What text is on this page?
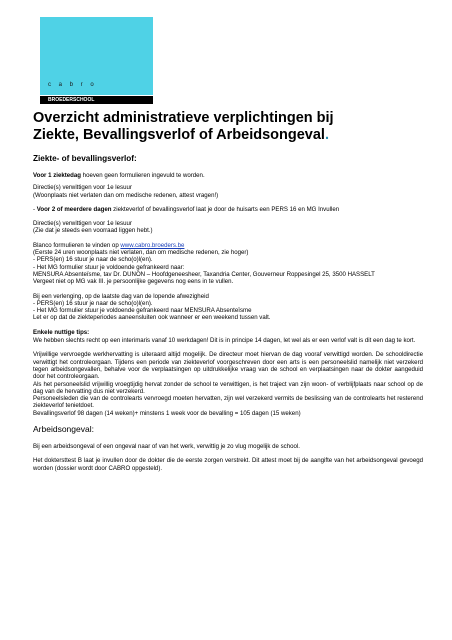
c a b r o
BROEDERSCHOOL
Overzicht administratieve verplichtingen bij
Ziekte, Bevallingsverlof of Arbeidsongeval.
Ziekte- of bevallingsverlof:

Voor 1 ziektedag hoeven geen formulieren ingevuld te worden.

Directie(s) verwittigen voor 1e lesuur
(Woonplaats niet verlaten dan om medische redenen, attest vragen!)

- Voor 2 of meerdere dagen ziekteverlof of bevallingsverlof laat je door de huisarts een PERS 16 en MG Invullen

Directie(s) verwittigen voor 1e lesuur
(Zie dat je steeds een voorraad liggen hebt.)

Blanco formulieren te vinden op www.cabro.broeders.be
(Eerste 24 uren woonplaats niet verlaten, dan om medische redenen, zie hoger)
- PERS(en) 16 stuur je naar de scho(o)l(en).
- Het MG formulier stuur je voldoende gefrankeerd naar:
MENSURA Absenteïsme, tav Dr. DUNON – Hoofdgeneesheer, Taxandria Center, Gouverneur Roppesingel 25, 3500 HASSELT
Vergeet niet op MG vak III. je persoonlijke gegevens nog eens in te vullen.

Bij een verlenging, op de laatste dag van de lopende afwezigheid
- PERS(en) 16 stuur je naar de scho(o)l(en).
- Het MG formulier stuur je voldoende gefrankeerd naar MENSURA Absenteïsme
Let er op dat de ziekteperiodes aaneensluiten ook wanneer er een weekend tussen valt.

Enkele nuttige tips:

We hebben slechts recht op een interimaris vanaf 10 werkdagen! Dit is in principe 14 dagen, let wel als er een verlof valt is dit een dag te kort.

Vrijwillige vervroegde werkhervatting is uiteraard altijd mogelijk. De directeur moet hiervan de dag vooraf verwittigd worden. De schooldirectie verwittigt het controleorgaan. Tijdens een periode van ziekteverlof voorgeschreven door een arts is een personeelslid namelijk niet verzekerd tegen arbeidsongevallen, behalve voor de verplaatsingen op uitdrukkelijke vraag van de school en verplaatsingen naar de dokter aangeduid door het controleorgaan.

Als het personeelslid vrijwillig vroegtijdig hervat zonder de school te verwittigen, is het traject van zijn woon- of verblijfplaats naar school op de dag van de hervatting dus niet verzekerd.

Personeelsleden die van de controlearts vervroegd moeten hervatten, zijn wel verzekerd vermits de beslissing van de controlearts het resterend ziekteverlof tenietdoet.

Bevallingsverlof 98 dagen (14 weken)+ minstens 1 week voor de bevalling = 105 dagen (15 weken)

Arbeidsongeval:

Bij een arbeidsongeval of een ongeval naar of van het werk, verwittig je zo vlug mogelijk de school.

Het doktersttest B laat je invullen door de dokter die de eerste zorgen verstrekt. Dit attest moet bij de aangifte van het arbeidsongeval gevoegd worden (dossier wordt door CABRO opgesteld).
